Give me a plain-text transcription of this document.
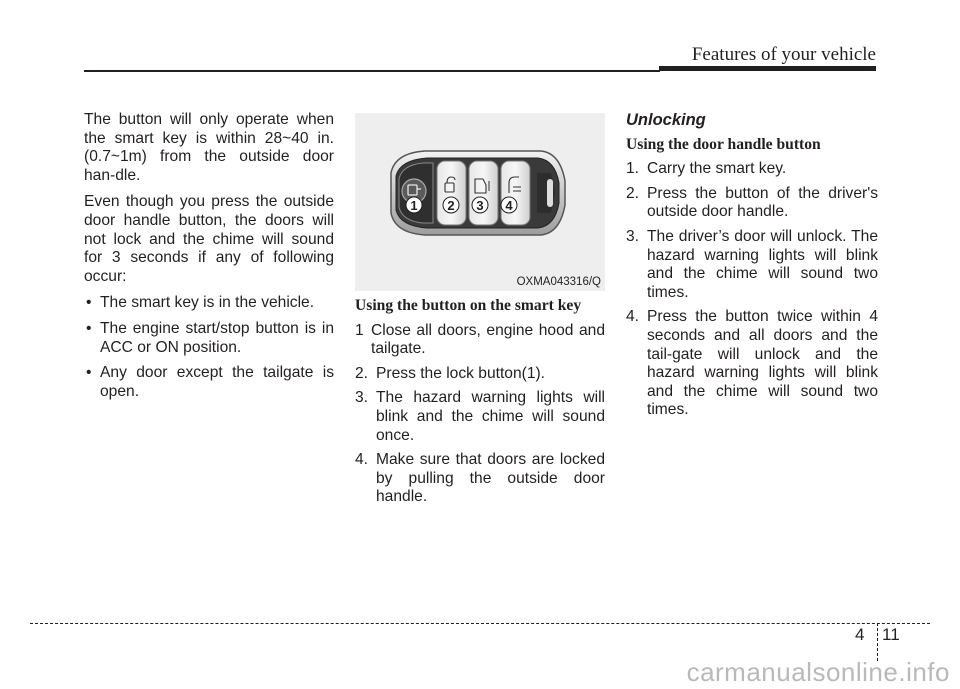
Features of your vehicle

The button will only operate when the smart key is within 28~40 in. (0.7~1m) from the outside door han-dle.

Even though you press the outside door handle button, the doors will not lock and the chime will sound for 3 seconds if any of following occur:

• The smart key is in the vehicle.
• The engine start/stop button is in ACC or ON position.
• Any door except the tailgate is open.
1 2 3 4
OXMA043316/Q
Using the button on the smart key
1 Close all doors, engine hood and tailgate.
2. Press the lock button(1).
3. The hazard warning lights will blink and the chime will sound once.
4. Make sure that doors are locked by pulling the outside door handle.
Unlocking
Using the door handle button
1. Carry the smart key.
2. Press the button of the driver's outside door handle.
3. The driver’s door will unlock. The hazard warning lights will blink and the chime will sound two times.
4. Press the button twice within 4 seconds and all doors and the tail-gate will unlock and the hazard warning lights will blink and the chime will sound two times.
4 11
carmanualsonline.info
